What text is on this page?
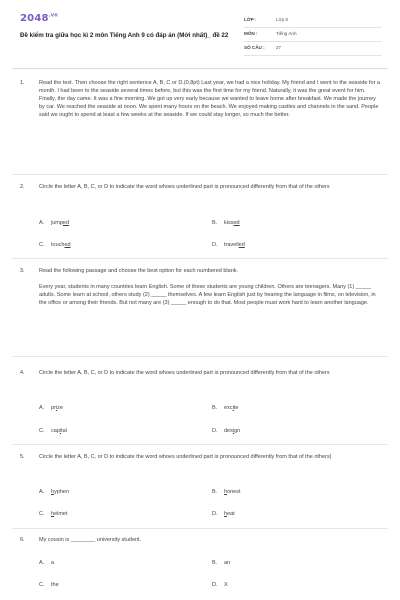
$2048^{.vn}$
Đề kiểm tra giữa học kì 2 môn Tiếng Anh 9 có đáp án (Mới nhất)_ đề 22
LỚP :	Lớp 9
MÔN :	Tiếng Anh
SỐ CÂU : 27
1.	Read the text. Then choose the right sentence A, B, C or D.(0,8pt) Last year, we had a nice holiday. My friend and I went to the seaside for a month. I had been to the seaside several times before, but this was the first time for my friend. Naturally, it was the great event for him. Finally, the day came. It was a fine morning. We got up very early because we wanted to leave home after breakfast. We made the journey by car. We reached the seaside at noon. We spent many hours on the beach. We enjoyed making castles and channels in the sand. People said we ought to spend at least a few weeks at the seaside. If we could stay longer, so much the better.
2.	Circle the letter A, B, C, or D to indicate the word whoes underlined part is pronounced differently from that of the others
A. jumped	B. kissed
C. touched	D. travelled
3.	Read the following passage and choose the best option for each numbered blank.

Every year, students in many countries learn English. Some of these students are young children. Others are teenagers. Many (1) _____ adults. Some learn at school, others study (2) _____ themselves. A few learn English just by hearing the language in films, on television, in the office or among their friends. But not many are (3) _____ enough to do that. Most people must work hard to learn another language.

4.	Circle the letter A, B, C, or D to indicate the word whoes underlined part is pronounced differently from that of the others
A. prize	B. excite
C. capital	D. design
5.	Circle the letter A, B, C, or D to indicate the word whoes underlined part is pronounced differently from that of the others(
A. hyphen	B. honest
C. helmet	D. heat
6.	My cousin is ________ university student.
A. a	B. an
C. the	D. X
